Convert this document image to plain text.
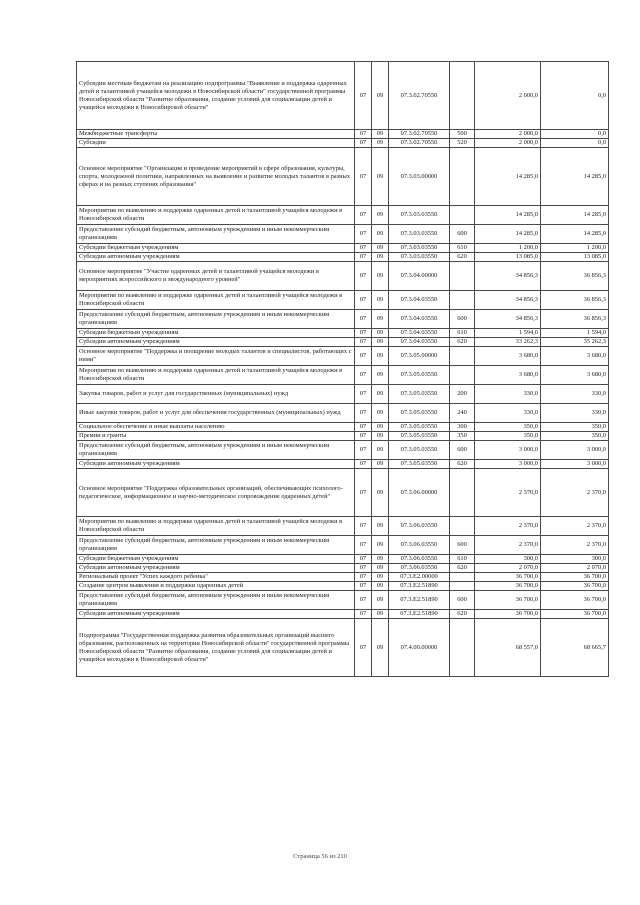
Субсидии местным бюджетам на реализацию подпрограммы "Выявление и поддержка одаренных детей и талантливой учащейся молодежи в Новосибирской области" государственной программы Новосибирской области "Развитие образования, создание условий для социализации детей и учащейся молодежи в Новосибирской области"	07	09	07.3.02.70550		2 000,0	0,0
Межбюджетные трансферты	07	09	07.3.02.70550	500	2 000,0	0,0
Субсидии	07	09	07.3.02.70550	520	2 000,0	0,0
Основное мероприятие "Организация и проведение мероприятий в сфере образования, культуры, спорта, молодежной политики, направленных на выявление и развитие молодых талантов в разных сферах и на разных ступенях образования"	07	09	07.3.03.00000		14 285,0	14 285,0
Мероприятия по выявлению и поддержке одаренных детей и талантливой учащейся молодежи в Новосибирской области	07	09	07.3.03.03550		14 285,0	14 285,0
Предоставление субсидий бюджетным, автономным учреждениям и иным некоммерческим организациям	07	09	07.3.03.03550	600	14 285,0	14 285,0
Субсидии бюджетным учреждениям	07	09	07.3.03.03550	610	1 200,0	1 200,0
Субсидии автономным учреждениям	07	09	07.3.03.03550	620	13 085,0	13 085,0
Основное мероприятие "Участие одаренных детей и талантливой учащейся молодежи в мероприятиях всероссийского и международного уровней"	07	09	07.3.04.00000		34 856,3	36 856,3
Мероприятия по выявлению и поддержке одаренных детей и талантливой учащейся молодежи в Новосибирской области	07	09	07.3.04.03550		34 856,3	36 856,3
Предоставление субсидий бюджетным, автономным учреждениям и иным некоммерческим организациям	07	09	07.3.04.03550	600	34 856,3	36 856,3
Субсидии бюджетным учреждениям	07	09	07.3.04.03550	610	1 594,0	1 594,0
Субсидии автономным учреждениям	07	09	07.3.04.03550	620	33 262,3	35 262,3
Основное мероприятие "Поддержка и поощрение молодых талантов и специалистов, работающих с ними"	07	09	07.3.05.00000		3 680,0	3 680,0
Мероприятия по выявлению и поддержке одаренных детей и талантливой учащейся молодежи в Новосибирской области	07	09	07.3.05.03550		3 680,0	3 680,0
Закупка товаров, работ и услуг для государственных (муниципальных) нужд	07	09	07.3.05.03550	200	330,0	330,0
Иные закупки товаров, работ и услуг для обеспечения государственных (муниципальных) нужд	07	09	07.3.05.03550	240	330,0	330,0
Социальное обеспечение и иные выплаты населению	07	09	07.3.05.03550	300	350,0	350,0
Премии и гранты	07	09	07.3.05.03550	350	350,0	350,0
Предоставление субсидий бюджетным, автономным учреждениям и иным некоммерческим организациям	07	09	07.3.05.03550	600	3 000,0	3 000,0
Субсидии автономным учреждениям	07	09	07.3.05.03550	620	3 000,0	3 000,0
Основное мероприятие "Поддержка образовательных организаций, обеспечивающих психолого-педагогическое, информационное и научно-методическое сопровождение одаренных детей"	07	09	07.3.06.00000		2 370,0	2 370,0
Мероприятия по выявлению и поддержке одаренных детей и талантливой учащейся молодежи в Новосибирской области	07	09	07.3.06.03550		2 370,0	2 370,0
Предоставление субсидий бюджетным, автономным учреждениям и иным некоммерческим организациям	07	09	07.3.06.03550	600	2 370,0	2 370,0
Субсидии бюджетным учреждениям	07	09	07.3.06.03550	610	300,0	300,0
Субсидии автономным учреждениям	07	09	07.3.06.03550	620	2 070,0	2 070,0
Региональный проект "Успех каждого ребенка"	07	09	07.3.E2.00000		36 700,0	36 700,0
Создание центров выявления и поддержки одаренных детей	07	09	07.3.E2.51890		36 700,0	36 700,0
Предоставление субсидий бюджетным, автономным учреждениям и иным некоммерческим организациям	07	09	07.3.E2.51890	600	36 700,0	36 700,0
Субсидии автономным учреждениям	07	09	07.3.E2.51890	620	36 700,0	36 700,0
Подпрограмма "Государственная поддержка развития образовательных организаций высшего образования, расположенных на территории Новосибирской области" государственной программы Новосибирской области "Развитие образования, создание условий для социализации детей и учащейся молодежи в Новосибирской области"	07	09	07.4.00.00000		68 557,0	68 665,7
Страница 56 из 210
